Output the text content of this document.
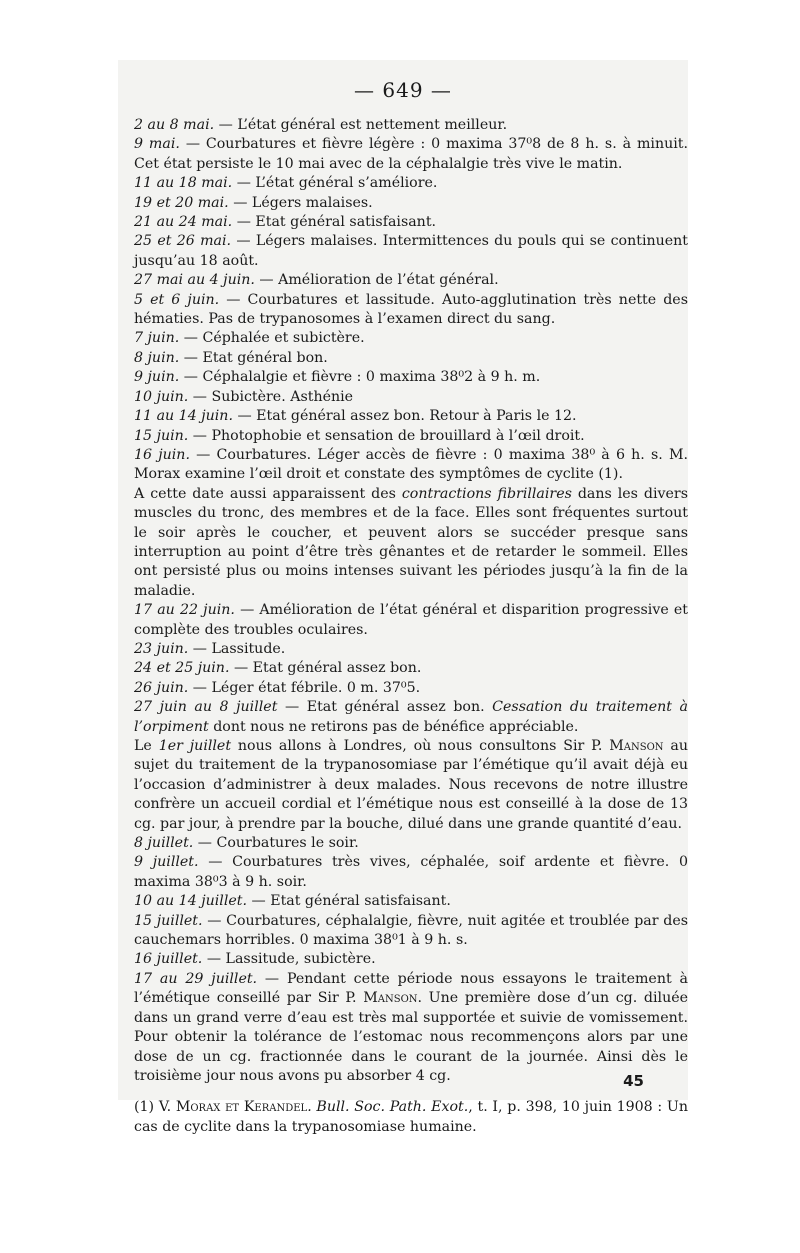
— 649 —

2 au 8 mai. — L’état général est nettement meilleur.

9 mai. — Courbatures et fièvre légère : 0 maxima 37⁰8 de 8 h. s. à minuit. Cet état persiste le 10 mai avec de la céphalalgie très vive le matin.

11 au 18 mai. — L’état général s’améliore.

19 et 20 mai. — Légers malaises.

21 au 24 mai. — Etat général satisfaisant.

25 et 26 mai. — Légers malaises. Intermittences du pouls qui se continuent jusqu’au 18 août.

27 mai au 4 juin. — Amélioration de l’état général.

5 et 6 juin. — Courbatures et lassitude. Auto-agglutination très nette des hématies. Pas de trypanosomes à l’examen direct du sang.

7 juin. — Céphalée et subictère.

8 juin. — Etat général bon.

9 juin. — Céphalalgie et fièvre : 0 maxima 38⁰2 à 9 h. m.

10 juin. — Subictère. Asthénie

11 au 14 juin. — Etat général assez bon. Retour à Paris le 12.

15 juin. — Photophobie et sensation de brouillard à l’œil droit.

16 juin. — Courbatures. Léger accès de fièvre : 0 maxima 38⁰ à 6 h. s. M. Morax examine l’œil droit et constate des symptômes de cyclite (1).

A cette date aussi apparaissent des contractions fibrillaires dans les divers muscles du tronc, des membres et de la face. Elles sont fréquentes surtout le soir après le coucher, et peuvent alors se succéder presque sans interruption au point d’être très gênantes et de retarder le sommeil. Elles ont persisté plus ou moins intenses suivant les périodes jusqu’à la fin de la maladie.

17 au 22 juin. — Amélioration de l’état général et disparition progressive et complète des troubles oculaires.

23 juin. — Lassitude.

24 et 25 juin. — Etat général assez bon.

26 juin. — Léger état fébrile. 0 m. 37⁰5.

27 juin au 8 juillet — Etat général assez bon. Cessation du traitement à l’orpiment dont nous ne retirons pas de bénéfice appréciable.

Le 1er juillet nous allons à Londres, où nous consultons Sir P. Manson au sujet du traitement de la trypanosomiase par l’émétique qu’il avait déjà eu l’occasion d’administrer à deux malades. Nous recevons de notre illustre confrère un accueil cordial et l’émétique nous est conseillé à la dose de 13 cg. par jour, à prendre par la bouche, dilué dans une grande quantité d’eau.

8 juillet. — Courbatures le soir.

9 juillet. — Courbatures très vives, céphalée, soif ardente et fièvre. 0 maxima 38⁰3 à 9 h. soir.

10 au 14 juillet. — Etat général satisfaisant.

15 juillet. — Courbatures, céphalalgie, fièvre, nuit agitée et troublée par des cauchemars horribles. 0 maxima 38⁰1 à 9 h. s.

16 juillet. — Lassitude, subictère.

17 au 29 juillet. — Pendant cette période nous essayons le traitement à l’émétique conseillé par Sir P. Manson. Une première dose d’un cg. diluée dans un grand verre d’eau est très mal supportée et suivie de vomissement. Pour obtenir la tolérance de l’estomac nous recommençons alors par une dose de un cg. fractionnée dans le courant de la journée. Ainsi dès le troisième jour nous avons pu absorber 4 cg.

(1) V. Morax et Kerandel. Bull. Soc. Path. Exot., t. I, p. 398, 10 juin 1908 : Un cas de cyclite dans la trypanosomiase humaine.

45
